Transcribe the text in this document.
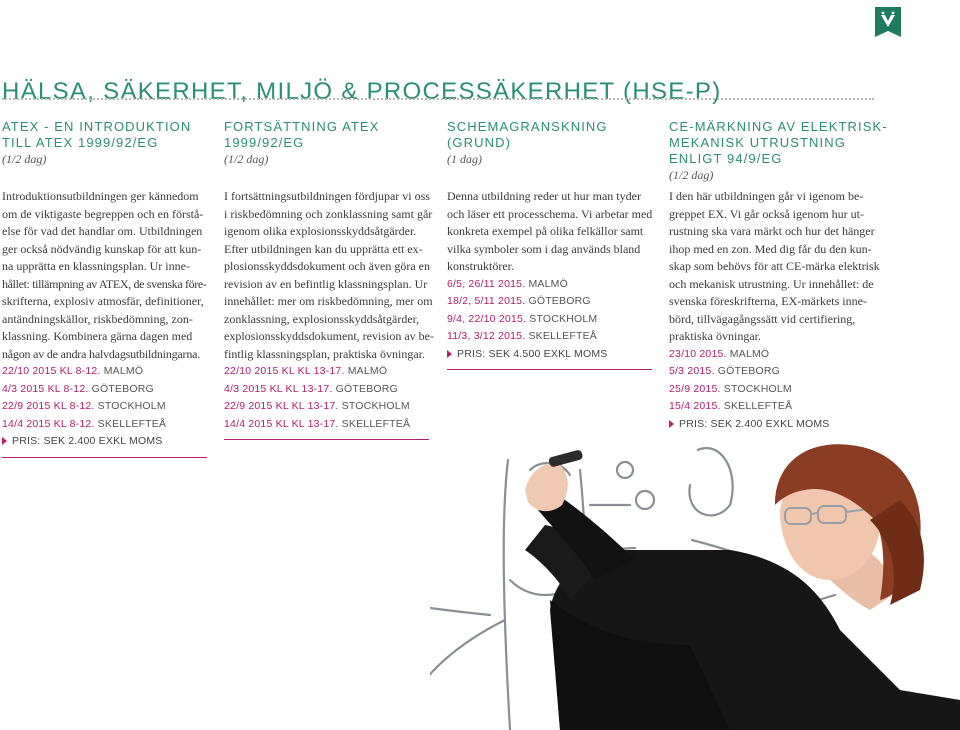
HÄLSA, SÄKERHET, MILJÖ & PROCESSÄKERHET (HSE-P)
ATEX - EN INTRODUKTION
TILL ATEX 1999/92/EG
(1/2 dag)
Introduktionsutbildningen ger kännedom
om de viktigaste begreppen och en förstå-
else för vad det handlar om. Utbildningen
ger också nödvändig kunskap för att kun-
na upprätta en klassningsplan. Ur inne-
hållet: tillämpning av ATEX, de svenska före-
skrifterna, explosiv atmosfär, definitioner,
antändningskällor, riskbedömning, zon-
klassning. Kombinera gärna dagen med
någon av de andra halvdagsutbildningarna.
22/10 2015 KL 8-12. MALMÖ
4/3 2015 KL 8-12. GÖTEBORG
22/9 2015 KL 8-12. STOCKHOLM
14/4 2015 KL 8-12. SKELLEFTEÅ
PRIS: SEK 2.400 EXKL MOMS
FORTSÄTTNING ATEX
1999/92/EG
(1/2 dag)
I fortsättningsutbildningen fördjupar vi oss
i riskbedömning och zonklassning samt går
igenom olika explosionsskyddsåtgärder.
Efter utbildningen kan du upprätta ett ex-
plosionsskyddsdokument och även göra en
revision av en befintlig klassningsplan. Ur
innehållet: mer om riskbedömning, mer om
zonklassning, explosionsskyddsåtgärder,
explosionsskyddsdokument, revision av be-
fintlig klassningsplan, praktiska övningar.
22/10 2015 KL KL 13-17. MALMÖ
4/3 2015 KL KL 13-17. GÖTEBORG
22/9 2015 KL KL 13-17. STOCKHOLM
14/4 2015 KL KL 13-17. SKELLEFTEÅ
SCHEMAGRANSKNING
(GRUND)
(1 dag)
Denna utbildning reder ut hur man tyder
och läser ett processchema. Vi arbetar med
konkreta exempel på olika felkällor samt
vilka symboler som i dag används bland
konstruktörer.
6/5, 26/11 2015. MALMÖ
18/2, 5/11 2015. GÖTEBORG
9/4, 22/10 2015. STOCKHOLM
11/3, 3/12 2015. SKELLEFTEÅ
PRIS: SEK 4.500 EXKL MOMS
CE-MÄRKNING AV ELEKTRISK-
MEKANISK UTRUSTNING
ENLIGT 94/9/EG
(1/2 dag)
I den här utbildningen går vi igenom be-
greppet EX. Vi går också igenom hur ut-
rustning ska vara märkt och hur det hänger
ihop med en zon. Med dig får du den kun-
skap som behövs för att CE-märka elektrisk
och mekanisk utrustning. Ur innehållet: de
svenska föreskrifterna, EX-märkets inne-
börd, tillvägagångssätt vid certifiering,
praktiska övningar.
23/10 2015. MALMÖ
5/3 2015. GÖTEBORG
25/9 2015. STOCKHOLM
15/4 2015. SKELLEFTEÅ
PRIS: SEK 2.400 EXKL MOMS
